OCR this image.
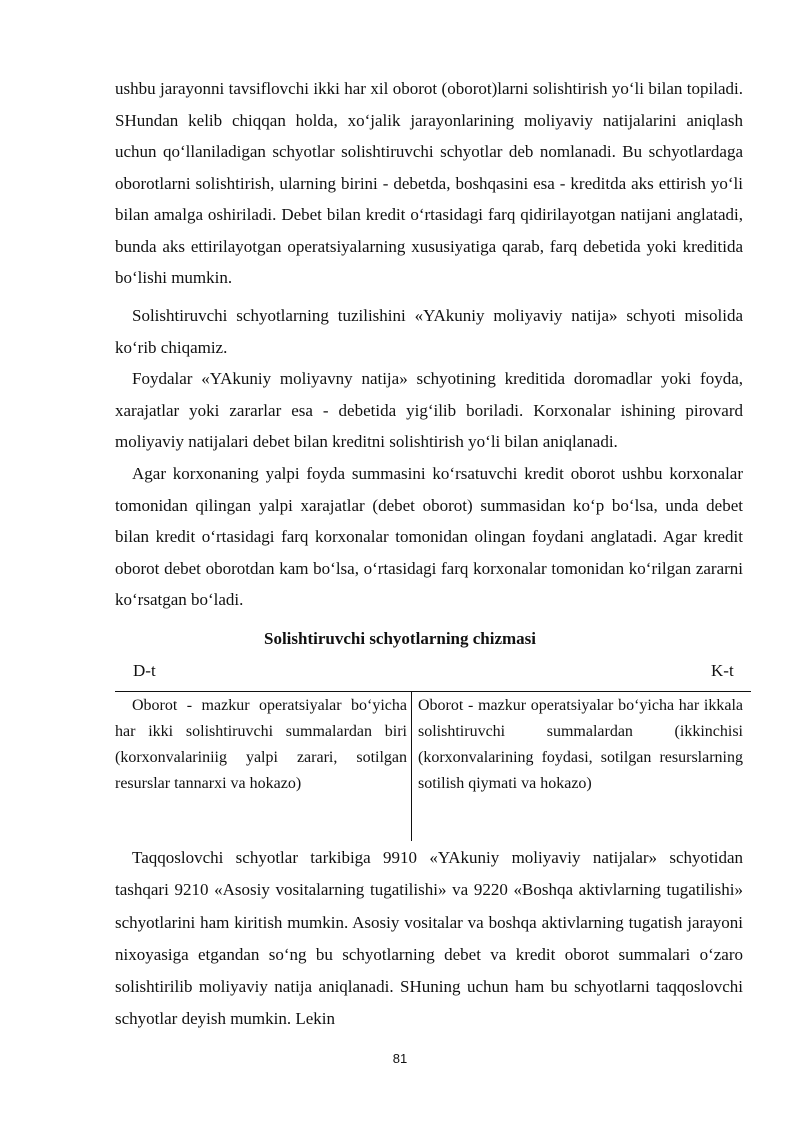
ushbu jarayonni tavsiflovchi ikki har xil oborot (oborot)larni solishtirish yo‘li bilan topiladi. SHundan kelib chiqqan holda, xo‘jalik jarayonlarining moliyaviy natijalarini aniqlash uchun qo‘llaniladigan schyotlar solishtiruvchi schyotlar deb nomlanadi. Bu schyotlardaga oborotlarni solishtirish, ularning birini - debetda, boshqasini esa - kreditda aks ettirish yo‘li bilan amalga oshiriladi. Debet bilan kredit o‘rtasidagi farq qidirilayotgan natijani anglatadi, bunda aks ettirilayotgan operatsiyalarning xususiyatiga qarab, farq debetida yoki kreditida bo‘lishi mumkin.

Solishtiruvchi schyotlarning tuzilishini «YAkuniy moliyaviy natija» schyoti misolida ko‘rib chiqamiz.

Foydalar «YAkuniy moliyavny natija» schyotining kreditida doromadlar yoki foyda, xarajatlar yoki zararlar esa - debetida yig‘ilib boriladi. Korxonalar ishining pirovard moliyaviy natijalari debet bilan kreditni solishtirish yo‘li bilan aniqlanadi.

Agar korxonaning yalpi foyda summasini ko‘rsatuvchi kredit oborot ushbu korxonalar tomonidan qilingan yalpi xarajatlar (debet oborot) summasidan ko‘p bo‘lsa, unda debet bilan kredit o‘rtasidagi farq korxonalar tomonidan olingan foydani anglatadi. Agar kredit oborot debet oborotdan kam bo‘lsa, o‘rtasidagi farq korxonalar tomonidan ko‘rilgan zararni ko‘rsatgan bo‘ladi.

Solishtiruvchi schyotlarning chizmasi
D-t	K-t

Oborot - mazkur operatsiyalar bo‘yicha har ikki solishtiruvchi summalardan biri (korxonvalariniig yalpi zarari, sotilgan resurslar tannarxi va hokazo)

Oborot - mazkur operatsiyalar bo‘yicha har ikkala solishtiruvchi summalardan (ikkinchisi (korxonvalarining foydasi, sotilgan resurslarning sotilish qiymati va hokazo)

Taqqoslovchi schyotlar tarkibiga 9910 «YAkuniy moliyaviy natijalar» schyotidan tashqari 9210 «Asosiy vositalarning tugatilishi» va 9220 «Boshqa aktivlarning tugatilishi» schyotlarini ham kiritish mumkin. Asosiy vositalar va boshqa aktivlarning tugatish jarayoni nixoyasiga etgandan so‘ng bu schyotlarning debet va kredit oborot summalari o‘zaro solishtirilib moliyaviy natija aniqlanadi. SHuning uchun ham bu schyotlarni taqqoslovchi schyotlar deyish mumkin. Lekin

81
